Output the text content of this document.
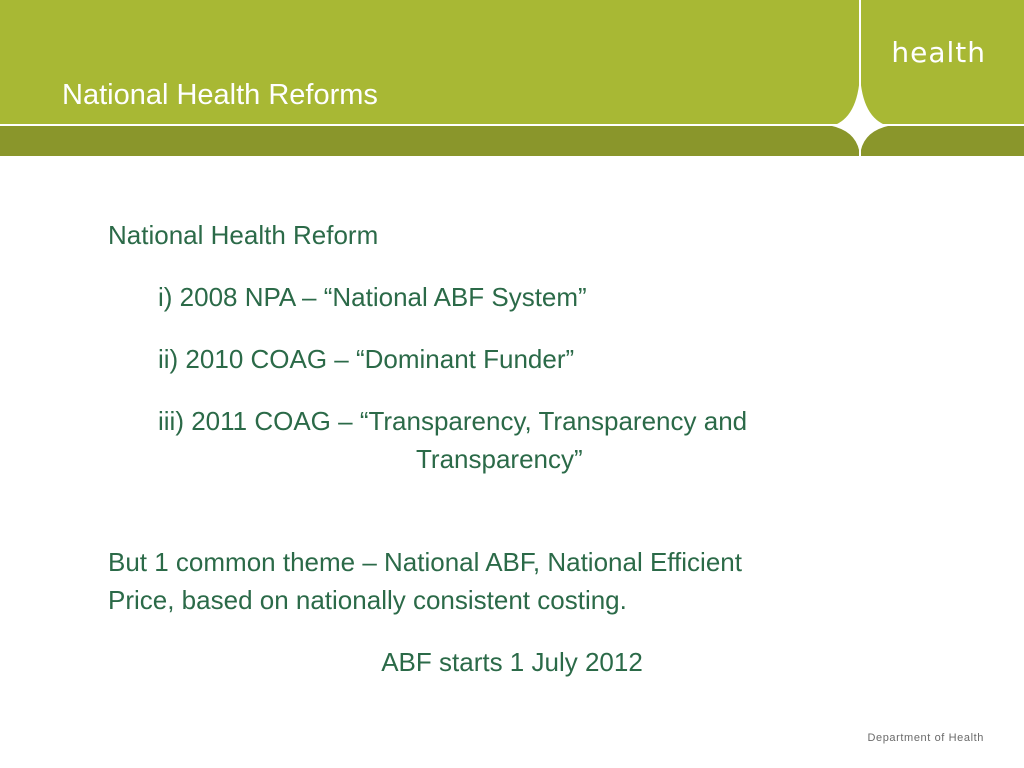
health
National Health Reforms
National Health Reform
i) 2008 NPA – “National ABF System”
ii) 2010 COAG – “Dominant Funder”
iii) 2011 COAG – “Transparency, Transparency and
Transparency”
But 1 common theme – National ABF, National Efficient
Price, based on nationally consistent costing.
ABF starts 1 July 2012
Department of Health
